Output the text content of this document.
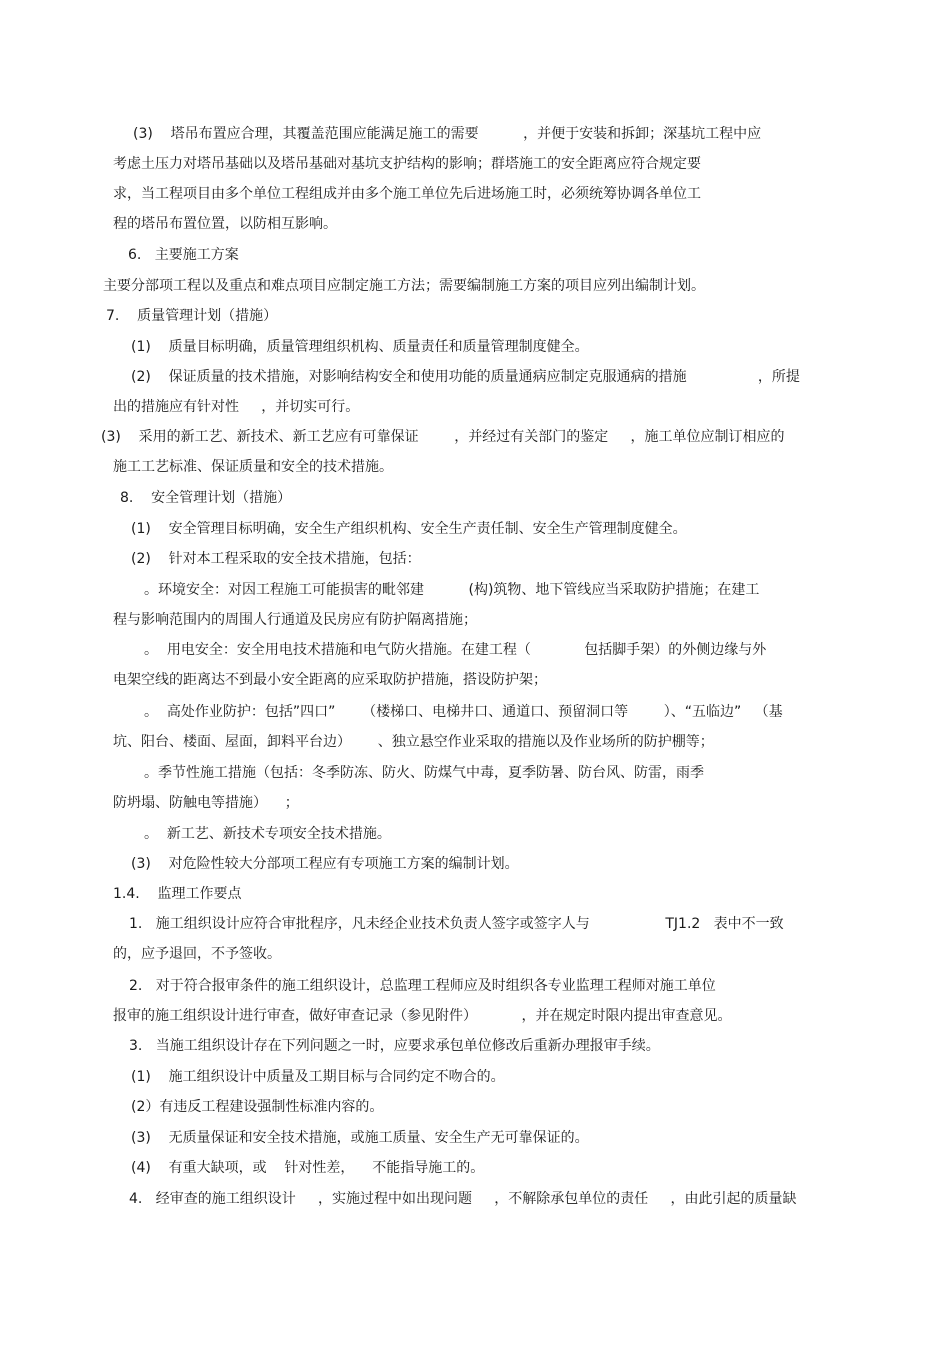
(3)    塔吊布置应合理，其覆盖范围应能满足施工的需要          ，并便于安装和拆卸；深基坑工程中应
考虑土压力对塔吊基础以及塔吊基础对基坑支护结构的影响；群塔施工的安全距离应符合规定要
求，当工程项目由多个单位工程组成并由多个施工单位先后进场施工时，必须统筹协调各单位工
程的塔吊布置位置，以防相互影响。
6.   主要施工方案
主要分部项工程以及重点和难点项目应制定施工方法；需要编制施工方案的项目应列出编制计划。
7.    质量管理计划（措施）
(1)    质量目标明确，质量管理组织机构、质量责任和质量管理制度健全。
(2)    保证质量的技术措施，对影响结构安全和使用功能的质量通病应制定克服通病的措施                ，所提
出的措施应有针对性     ，并切实可行。
(3)    采用的新工艺、新技术、新工艺应有可靠保证        ，并经过有关部门的鉴定     ，施工单位应制订相应的
施工工艺标准、保证质量和安全的技术措施。
8.    安全管理计划（措施）
(1)    安全管理目标明确，安全生产组织机构、安全生产责任制、安全生产管理制度健全。
(2)    针对本工程采取的安全技术措施，包括：
。环境安全：对因工程施工可能损害的毗邻建          (构)筑物、地下管线应当采取防护措施；在建工
程与影响范围内的周围人行通道及民房应有防护隔离措施；
。  用电安全：安全用电技术措施和电气防火措施。在建工程（            包括脚手架）的外侧边缘与外
电架空线的距离达不到最小安全距离的应采取防护措施，搭设防护架；
。  高处作业防护：包括”四口”      （楼梯口、电梯井口、通道口、预留洞口等        ）、“五临边”   （基
坑、阳台、楼面、屋面，卸料平台边）      、独立悬空作业采取的措施以及作业场所的防护棚等；
。季节性施工措施（包括：冬季防冻、防火、防煤气中毒，夏季防暑、防台风、防雷，雨季
防坍塌、防触电等措施）    ；
。  新工艺、新技术专项安全技术措施。
(3)    对危险性较大分部项工程应有专项施工方案的编制计划。
1.4.    监理工作要点
1.   施工组织设计应符合审批程序，凡未经企业技术负责人签字或签字人与                 TJ1.2   表中不一致
的，应予退回，不予签收。
2.   对于符合报审条件的施工组织设计，总监理工程师应及时组织各专业监理工程师对施工单位
报审的施工组织设计进行审查，做好审查记录（参见附件）          ，并在规定时限内提出审查意见。
3.   当施工组织设计存在下列问题之一时，应要求承包单位修改后重新办理报审手续。
(1)    施工组织设计中质量及工期目标与合同约定不吻合的。
(2）有违反工程建设强制性标准内容的。
(3)    无质量保证和安全技术措施，或施工质量、安全生产无可靠保证的。
(4)    有重大缺项，或    针对性差，    不能指导施工的。
4.   经审查的施工组织设计     ，实施过程中如出现问题     ，不解除承包单位的责任     ，由此引起的质量缺
